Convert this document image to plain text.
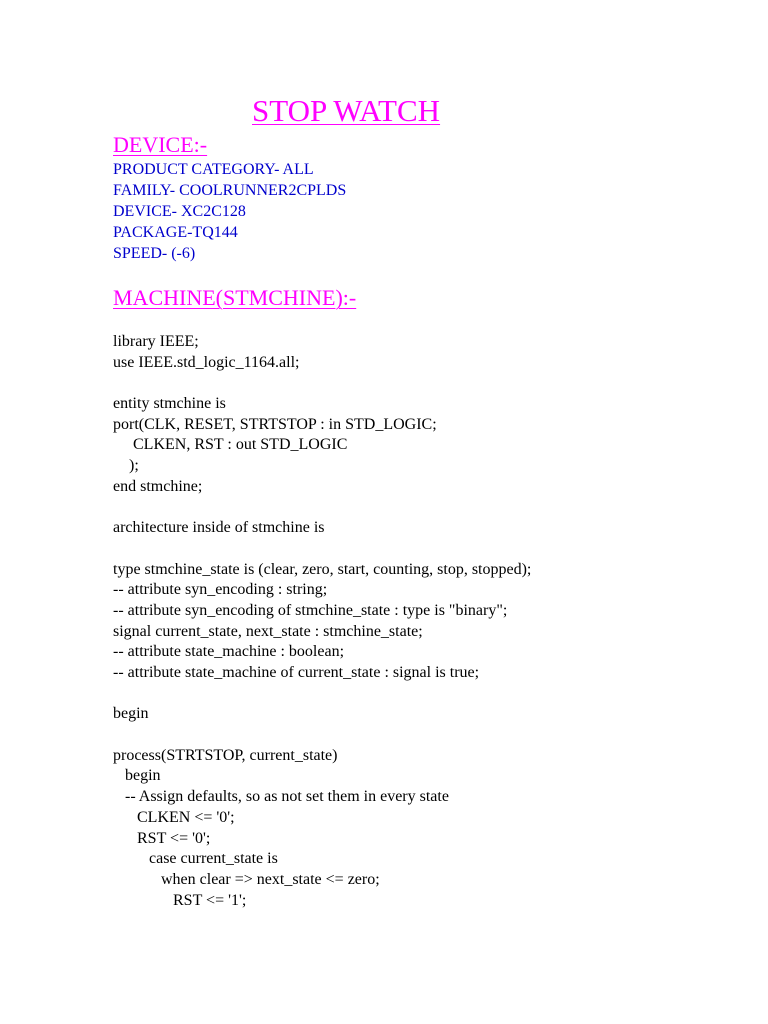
STOP WATCH
DEVICE:-
PRODUCT CATEGORY- ALL
FAMILY- COOLRUNNER2CPLDS
DEVICE- XC2C128
PACKAGE-TQ144
SPEED- (-6)
MACHINE(STMCHINE):-
library IEEE;
use IEEE.std_logic_1164.all;
entity stmchine is
port(CLK, RESET, STRTSTOP : in STD_LOGIC;
CLKEN, RST : out STD_LOGIC
);
end stmchine;
architecture inside of stmchine is
type stmchine_state is (clear, zero, start, counting, stop, stopped);
-- attribute syn_encoding : string;
-- attribute syn_encoding of stmchine_state : type is "binary";
signal current_state, next_state : stmchine_state;
-- attribute state_machine : boolean;
-- attribute state_machine of current_state : signal is true;
begin
process(STRTSTOP, current_state)
begin
-- Assign defaults, so as not set them in every state
CLKEN <= '0';
RST <= '0';
case current_state is
when clear => next_state <= zero;
RST <= '1';
